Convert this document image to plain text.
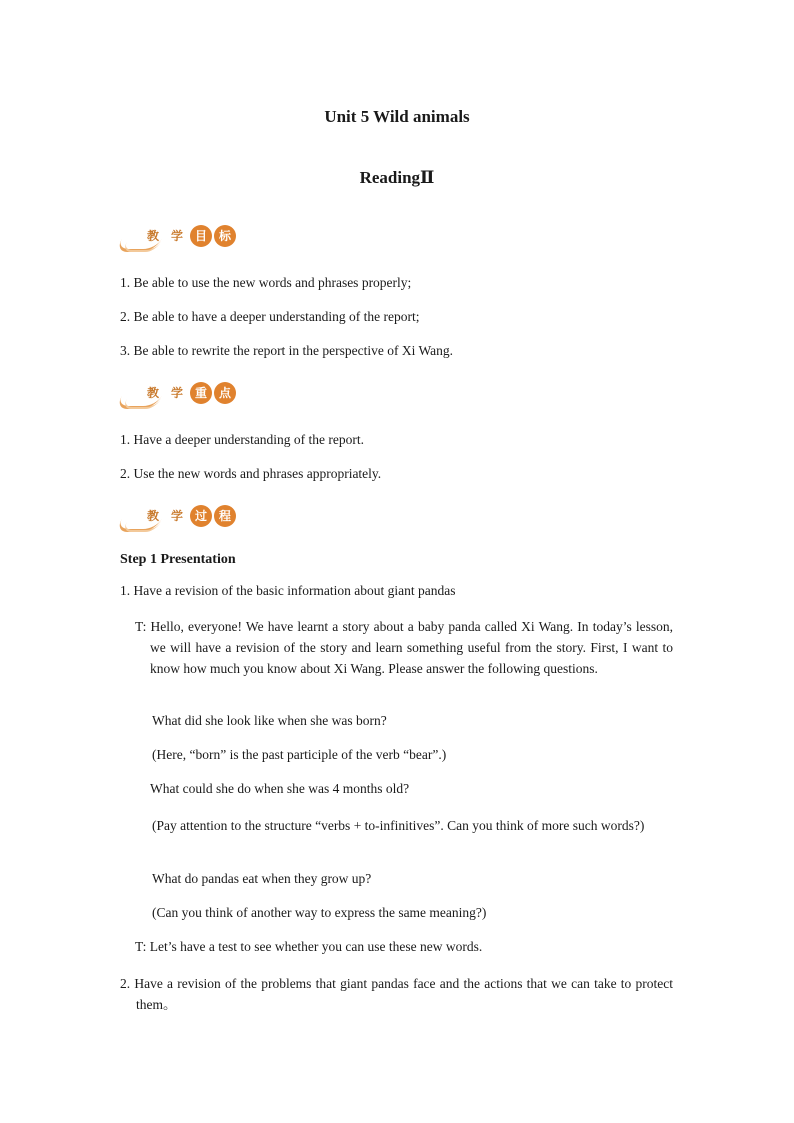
Unit 5 Wild animals
ReadingⅡ
教 学 目 标
1. Be able to use the new words and phrases properly;
2. Be able to have a deeper understanding of the report;
3. Be able to rewrite the report in the perspective of Xi Wang.
教 学 重 点
1. Have a deeper understanding of the report.
2. Use the new words and phrases appropriately.
教 学 过 程
Step 1 Presentation
1. Have a revision of the basic information about giant pandas
T: Hello, everyone! We have learnt a story about a baby panda called Xi Wang. In today’s lesson, we will have a revision of the story and learn something useful from the story. First, I want to know how much you know about Xi Wang. Please answer the following questions.
What did she look like when she was born?
(Here, “born” is the past participle of the verb “bear”.)
What could she do when she was 4 months old?
(Pay attention to the structure “verbs + to-infinitives”. Can you think of more such words?)
What do pandas eat when they grow up?
(Can you think of another way to express the same meaning?)
T: Let’s have a test to see whether you can use these new words.
2. Have a revision of the problems that giant pandas face and the actions that we can take to protect them。
